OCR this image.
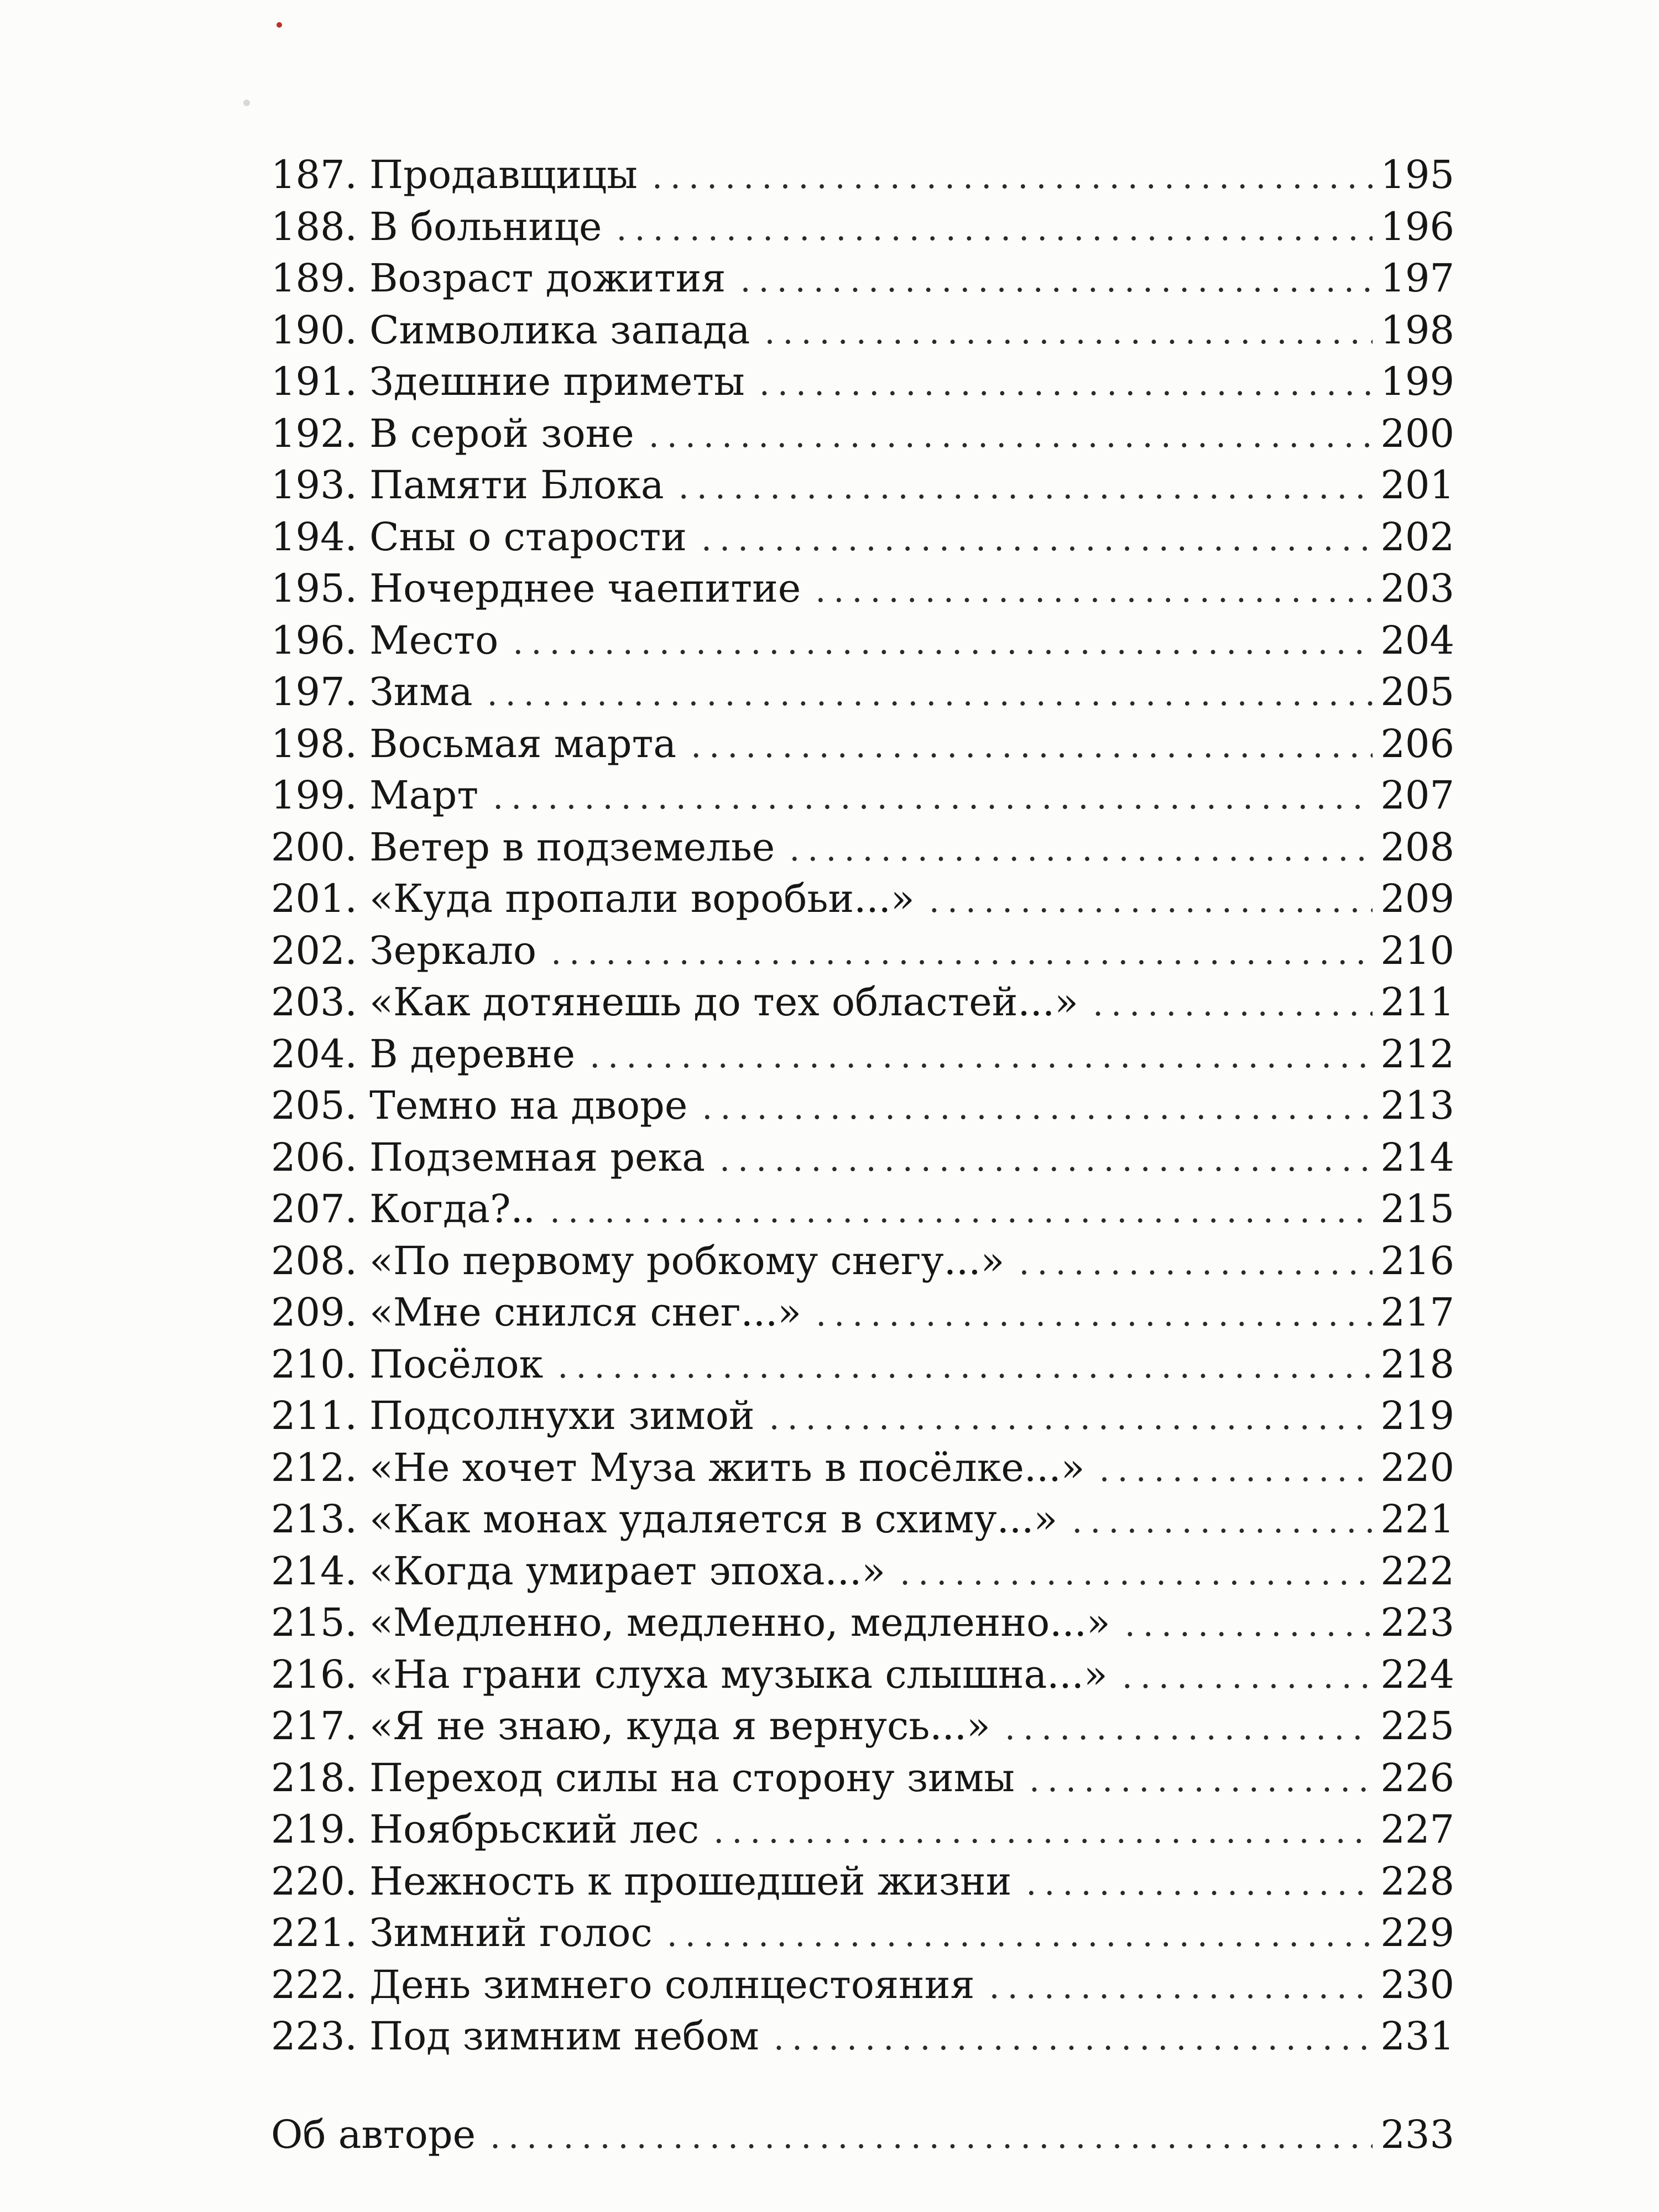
187. Продавщицы .....	195
188. В больнице .....	196
189. Возраст дожития .....	197
190. Символика запада .....	198
191. Здешние приметы .....	199
192. В серой зоне .....	200
193. Памяти Блока .....	201
194. Сны о старости .....	202
195. Ночерднее чаепитие .....	203
196. Место .....	204
197. Зима .....	205
198. Восьмая марта .....	206
199. Март .....	207
200. Ветер в подземелье .....	208
201. «Куда пропали воробьи...» .....	209
202. Зеркало .....	210
203. «Как дотянешь до тех областей...» .....	211
204. В деревне .....	212
205. Темно на дворе .....	213
206. Подземная река .....	214
207. Когда?.. .....	215
208. «По первому робкому снегу...» .....	216
209. «Мне снился снег...» .....	217
210. Посёлок .....	218
211. Подсолнухи зимой .....	219
212. «Не хочет Муза жить в посёлке...» .....	220
213. «Как монах удаляется в схиму...» .....	221
214. «Когда умирает эпоха...» .....	222
215. «Медленно, медленно, медленно...» .....	223
216. «На грани слуха музыка слышна...» .....	224
217. «Я не знаю, куда я вернусь...» .....	225
218. Переход силы на сторону зимы .....	226
219. Ноябрьский лес .....	227
220. Нежность к прошедшей жизни .....	228
221. Зимний голос .....	229
222. День зимнего солнцестояния .....	230
223. Под зимним небом .....	231
Об авторе .....	233
